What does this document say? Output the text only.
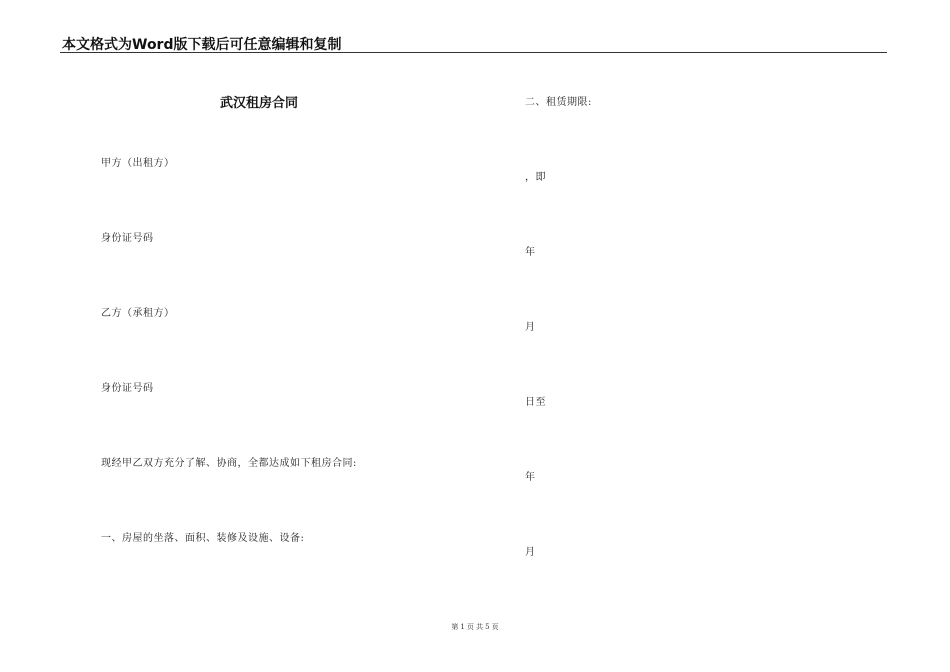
本文格式为Word版下载后可任意编辑和复制
武汉租房合同
甲方（出租方）
身份证号码
乙方（承租方）
身份证号码
现经甲乙双方充分了解、协商，全都达成如下租房合同:
一、房屋的坐落、面积、装修及设施、设备:
二、租赁期限:
，即
年
月
日至
年
月
第 1 页 共 5 页
